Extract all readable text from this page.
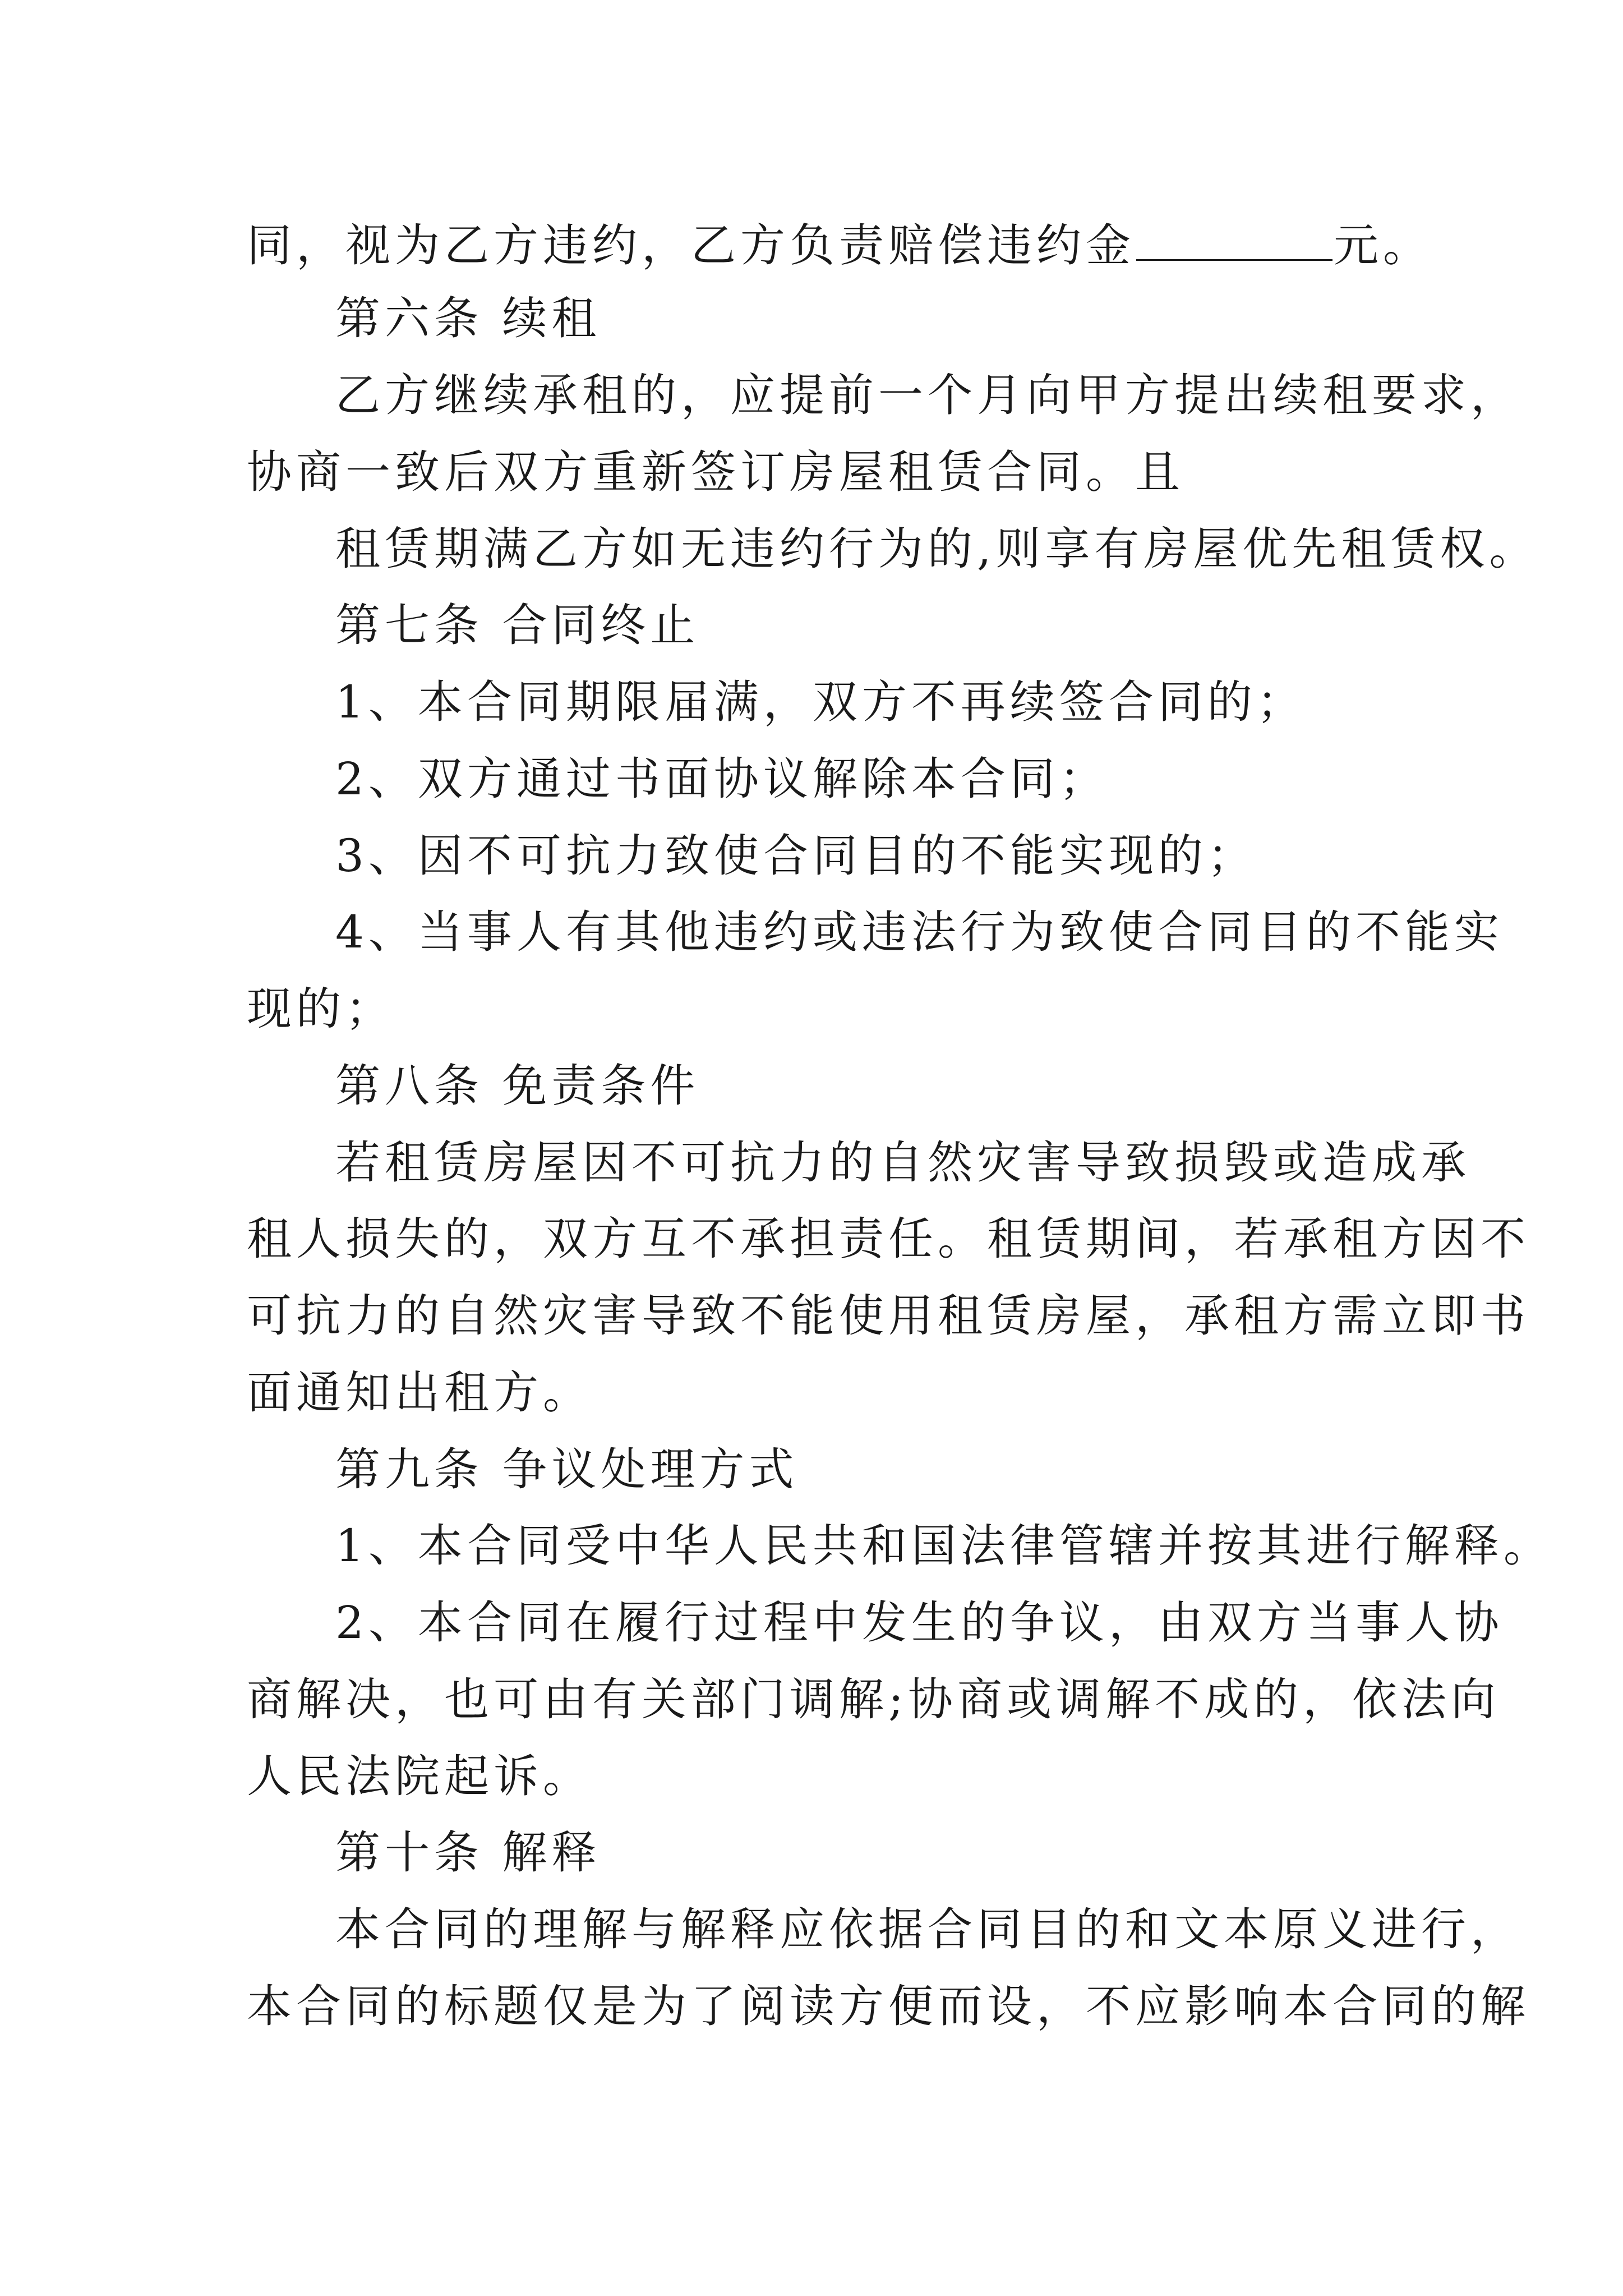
同，视为乙方违约，乙方负责赔偿违约金	元。
第六条 续租
乙方继续承租的，应提前一个月向甲方提出续租要求，
协商一致后双方重新签订房屋租赁合同。且
租赁期满乙方如无违约行为的,则享有房屋优先租赁权。
第七条 合同终止
1、本合同期限届满，双方不再续签合同的；
2、双方通过书面协议解除本合同；
3、因不可抗力致使合同目的不能实现的；
4、当事人有其他违约或违法行为致使合同目的不能实
现的；
第八条 免责条件
若租赁房屋因不可抗力的自然灾害导致损毁或造成承
租人损失的，双方互不承担责任。租赁期间，若承租方因不
可抗力的自然灾害导致不能使用租赁房屋，承租方需立即书
面通知出租方。
第九条 争议处理方式
1、本合同受中华人民共和国法律管辖并按其进行解释。
2、本合同在履行过程中发生的争议，由双方当事人协
商解决，也可由有关部门调解;协商或调解不成的，依法向
人民法院起诉。
第十条 解释
本合同的理解与解释应依据合同目的和文本原义进行，
本合同的标题仅是为了阅读方便而设，不应影响本合同的解
